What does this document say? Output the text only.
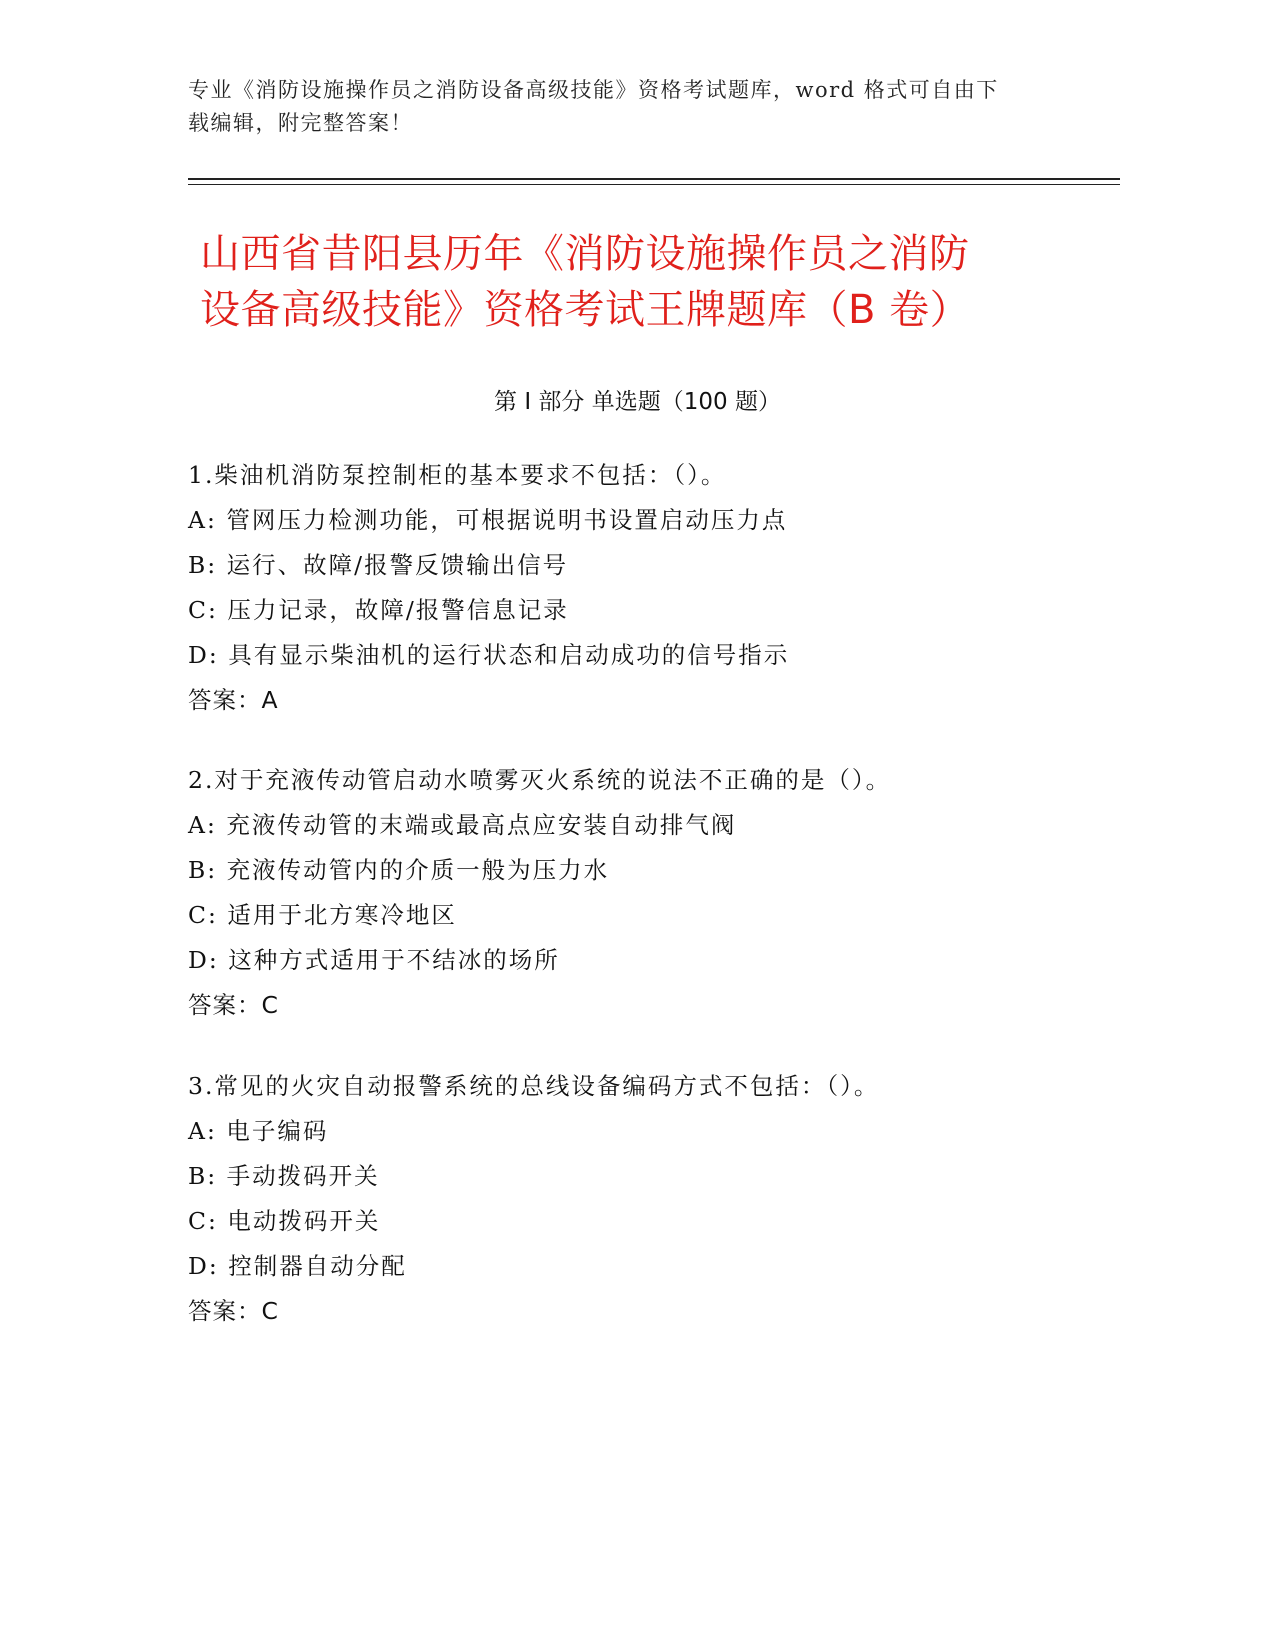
专业《消防设施操作员之消防设备高级技能》资格考试题库，word 格式可自由下
载编辑，附完整答案！
山西省昔阳县历年《消防设施操作员之消防
设备高级技能》资格考试王牌题库（B 卷）
第 I 部分 单选题（100 题）
1.柴油机消防泵控制柜的基本要求不包括：（）。
A: 管网压力检测功能，可根据说明书设置启动压力点
B: 运行、故障/报警反馈输出信号
C: 压力记录，故障/报警信息记录
D: 具有显示柴油机的运行状态和启动成功的信号指示
答案：A
2.对于充液传动管启动水喷雾灭火系统的说法不正确的是（）。
A: 充液传动管的末端或最高点应安装自动排气阀
B: 充液传动管内的介质一般为压力水
C: 适用于北方寒冷地区
D: 这种方式适用于不结冰的场所
答案：C
3.常见的火灾自动报警系统的总线设备编码方式不包括：（）。
A: 电子编码
B: 手动拨码开关
C: 电动拨码开关
D: 控制器自动分配
答案：C
